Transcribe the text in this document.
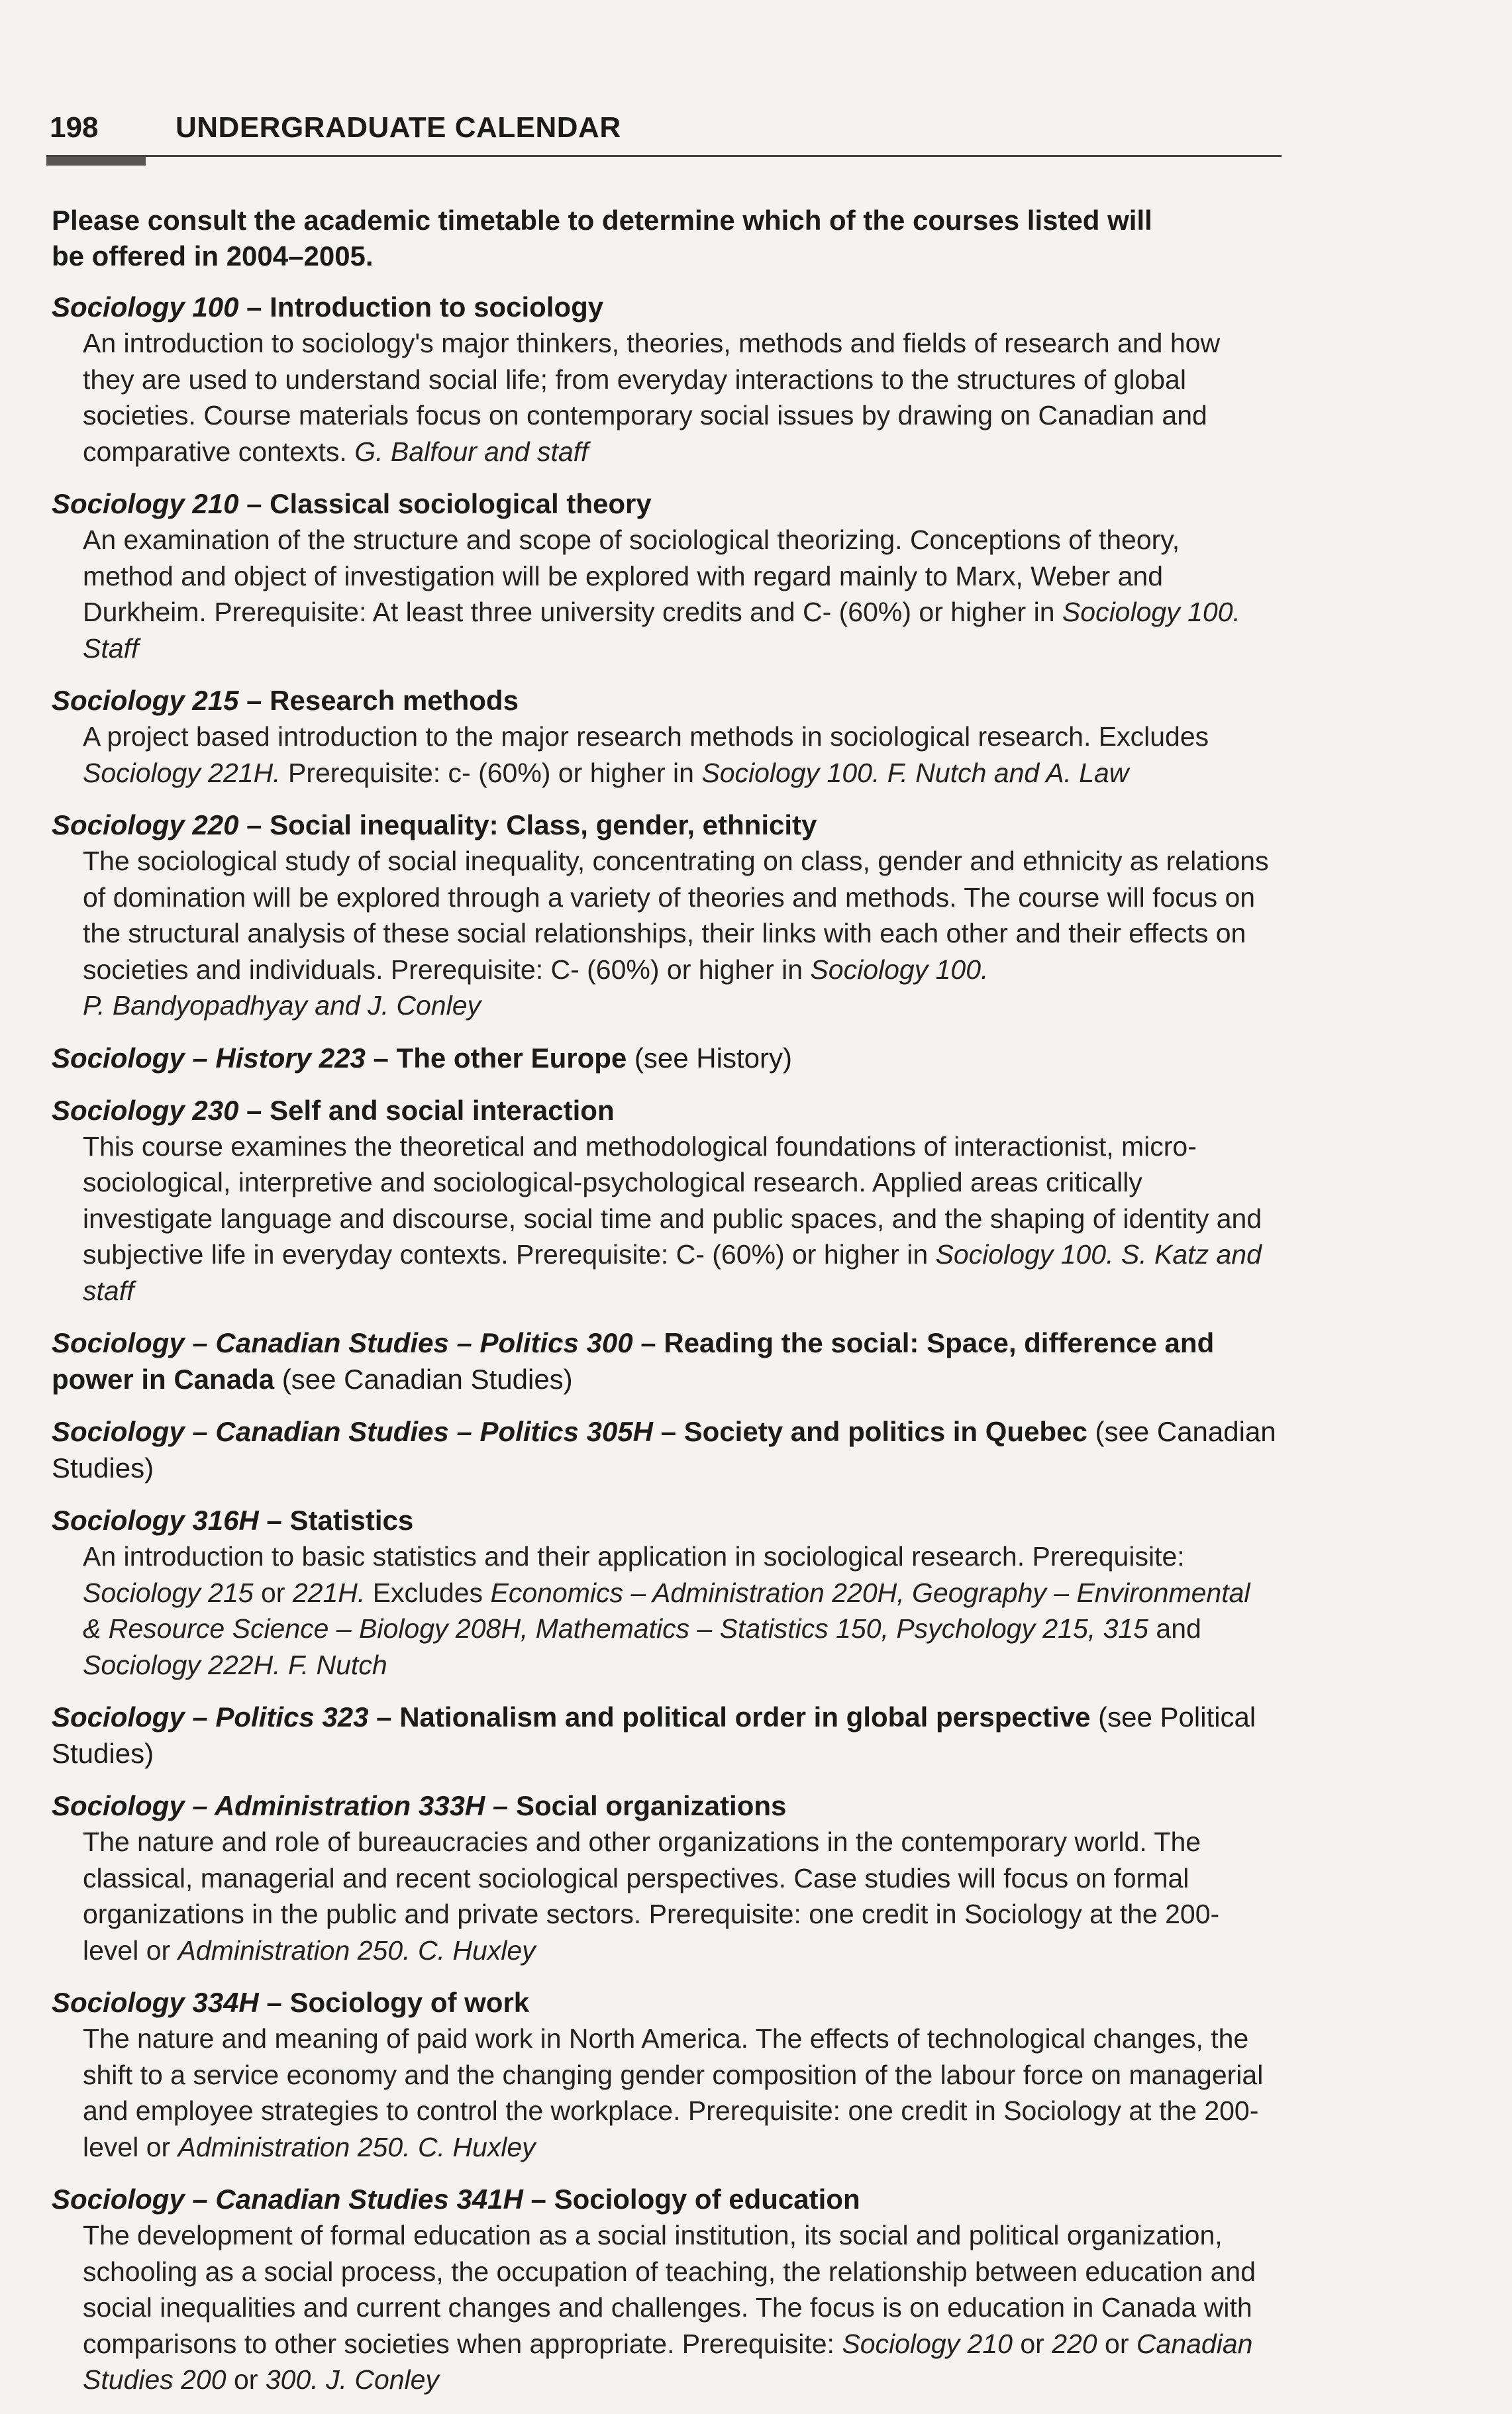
198	UNDERGRADUATE CALENDAR

Please consult the academic timetable to determine which of the courses listed will be offered in 2004–2005.

Sociology 100 – Introduction to sociology
An introduction to sociology's major thinkers, theories, methods and fields of research and how they are used to understand social life; from everyday interactions to the structures of global societies. Course materials focus on contemporary social issues by drawing on Canadian and comparative contexts. G. Balfour and staff
Sociology 210 – Classical sociological theory
An examination of the structure and scope of sociological theorizing. Conceptions of theory, method and object of investigation will be explored with regard mainly to Marx, Weber and Durkheim. Prerequisite: At least three university credits and C- (60%) or higher in Sociology 100.
Staff
Sociology 215 – Research methods
A project based introduction to the major research methods in sociological research. Excludes Sociology 221H. Prerequisite: c- (60%) or higher in Sociology 100. F. Nutch and A. Law
Sociology 220 – Social inequality: Class, gender, ethnicity
The sociological study of social inequality, concentrating on class, gender and ethnicity as relations of domination will be explored through a variety of theories and methods. The course will focus on the structural analysis of these social relationships, their links with each other and their effects on societies and individuals. Prerequisite: C- (60%) or higher in Sociology 100.
P. Bandyopadhyay and J. Conley
Sociology – History 223 – The other Europe (see History)
Sociology 230 – Self and social interaction
This course examines the theoretical and methodological foundations of interactionist, micro-sociological, interpretive and sociological-psychological research. Applied areas critically investigate language and discourse, social time and public spaces, and the shaping of identity and subjective life in everyday contexts. Prerequisite: C- (60%) or higher in Sociology 100. S. Katz and staff
Sociology – Canadian Studies – Politics 300 – Reading the social: Space, difference and power in Canada (see Canadian Studies)
Sociology – Canadian Studies – Politics 305H – Society and politics in Quebec (see Canadian Studies)
Sociology 316H – Statistics
An introduction to basic statistics and their application in sociological research. Prerequisite: Sociology 215 or 221H. Excludes Economics – Administration 220H, Geography – Environmental & Resource Science – Biology 208H, Mathematics – Statistics 150, Psychology 215, 315 and Sociology 222H. F. Nutch
Sociology – Politics 323 – Nationalism and political order in global perspective (see Political Studies)
Sociology – Administration 333H – Social organizations
The nature and role of bureaucracies and other organizations in the contemporary world. The classical, managerial and recent sociological perspectives. Case studies will focus on formal organizations in the public and private sectors. Prerequisite: one credit in Sociology at the 200-level or Administration 250. C. Huxley
Sociology 334H – Sociology of work
The nature and meaning of paid work in North America. The effects of technological changes, the shift to a service economy and the changing gender composition of the labour force on managerial and employee strategies to control the workplace. Prerequisite: one credit in Sociology at the 200-level or Administration 250. C. Huxley
Sociology – Canadian Studies 341H – Sociology of education
The development of formal education as a social institution, its social and political organization, schooling as a social process, the occupation of teaching, the relationship between education and social inequalities and current changes and challenges. The focus is on education in Canada with comparisons to other societies when appropriate. Prerequisite: Sociology 210 or 220 or Canadian Studies 200 or 300. J. Conley
